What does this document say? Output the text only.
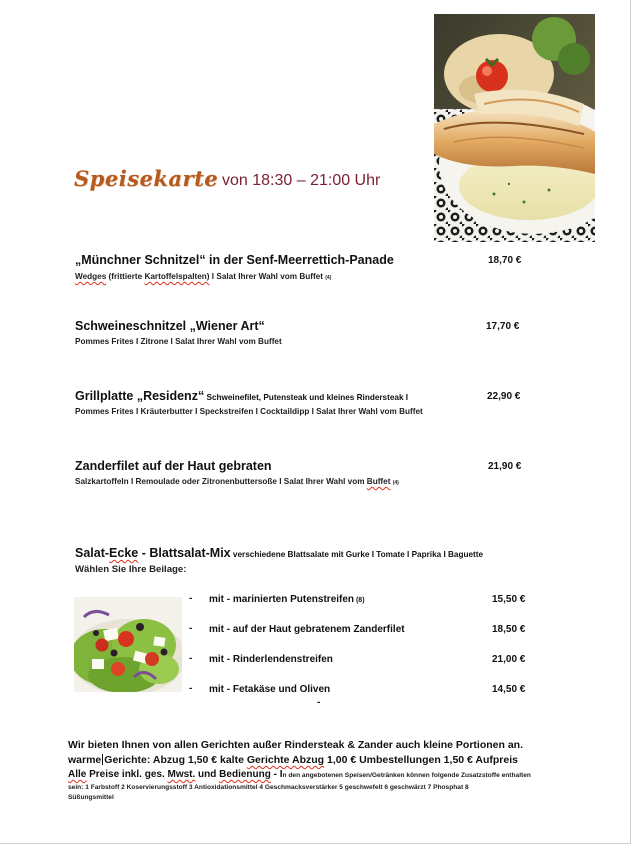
Speisekarte von 18:30 – 21:00 Uhr
„Münchner Schnitzel“ in der Senf-Meerrettich-Panade	18,70 €
Wedges (frittierte Kartoffelspalten) I Salat Ihrer Wahl vom Buffet (4)
Schweineschnitzel „Wiener Art“	17,70 €
Pommes Frites I Zitrone I Salat Ihrer Wahl vom Buffet
Grillplatte „Residenz“ Schweinefilet, Putensteak und kleines Rindersteak I	22,90 €
Pommes Frites I Kräuterbutter I Speckstreifen I Cocktaildipp I Salat Ihrer Wahl vom Buffet
Zanderfilet auf der Haut gebraten	21,90 €
Salzkartoffeln I Remoulade oder Zitronenbuttersoße I Salat Ihrer Wahl vom Buffet (4)
Salat-Ecke - Blattsalat-Mix verschiedene Blattsalate mit Gurke I Tomate I Paprika I Baguette
Wählen Sie Ihre Beilage:
- mit - marinierten Putenstreifen (8)	15,50 €
- mit - auf der Haut gebratenem Zanderfilet	18,50 €
- mit - Rinderlendenstreifen	21,00 €
- mit - Fetakäse und Oliven	14,50 €
-
Wir bieten Ihnen von allen Gerichten außer Rindersteak & Zander auch kleine Portionen an.
warme Gerichte: Abzug 1,50 € kalte Gerichte Abzug 1,00 € Umbestellungen 1,50 € Aufpreis
Alle Preise inkl. ges. Mwst. und Bedienung - In den angebotenen Speisen/Getränken können folgende Zusatzstoffe enthalten
sein: 1 Farbstoff 2 Koservierungsstoff 3 Antioxidationsmittel 4 Geschmacksverstärker 5 geschwefelt 6 geschwärzt 7 Phosphat 8
Süßungsmittel
